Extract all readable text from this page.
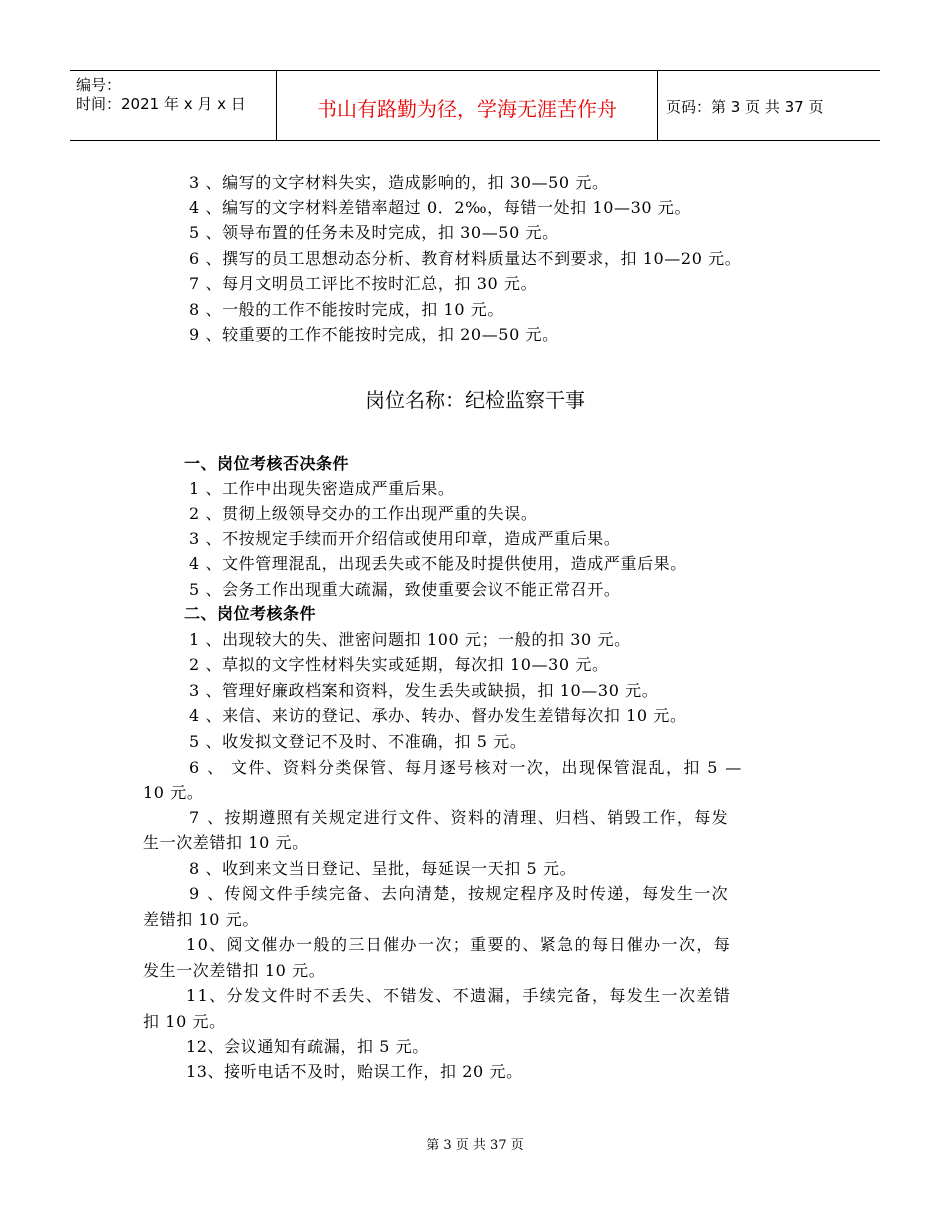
编号：
时间：2021 年 x 月 x 日	书山有路勤为径，学海无涯苦作舟	页码：第 3 页 共 37 页
3 、编写的文字材料失实，造成影响的，扣 30—50 元。
4 、编写的文字材料差错率超过 0．2‰，每错一处扣 10—30 元。
5 、领导布置的任务未及时完成，扣 30—50 元。
6 、撰写的员工思想动态分析、教育材料质量达不到要求，扣 10—20 元。
7 、每月文明员工评比不按时汇总，扣 30 元。
8 、一般的工作不能按时完成，扣 10 元。
9 、较重要的工作不能按时完成，扣 20—50 元。
岗位名称：纪检监察干事
一、岗位考核否决条件
1 、工作中出现失密造成严重后果。
2 、贯彻上级领导交办的工作出现严重的失误。
3 、不按规定手续而开介绍信或使用印章，造成严重后果。
4 、文件管理混乱，出现丢失或不能及时提供使用，造成严重后果。
5 、会务工作出现重大疏漏，致使重要会议不能正常召开。
二、岗位考核条件
1 、出现较大的失、泄密问题扣 100 元；一般的扣 30 元。
2 、草拟的文字性材料失实或延期，每次扣 10—30 元。
3 、管理好廉政档案和资料，发生丢失或缺损，扣 10—30 元。
4 、来信、来访的登记、承办、转办、督办发生差错每次扣 10 元。
5 、收发拟文登记不及时、不准确，扣 5 元。
6 、 文件、资料分类保管、每月逐号核对一次，出现保管混乱，扣 5 —
10 元。
7 、按期遵照有关规定进行文件、资料的清理、归档、销毁工作，每发
生一次差错扣 10 元。
8 、收到来文当日登记、呈批，每延误一天扣 5 元。
9 、传阅文件手续完备、去向清楚，按规定程序及时传递，每发生一次
差错扣 10 元。
10、阅文催办一般的三日催办一次；重要的、紧急的每日催办一次，每
发生一次差错扣 10 元。
11、分发文件时不丢失、不错发、不遗漏，手续完备，每发生一次差错
扣 10 元。
12、会议通知有疏漏，扣 5 元。
13、接听电话不及时，贻误工作，扣 20 元。
第 3 页 共 37 页
